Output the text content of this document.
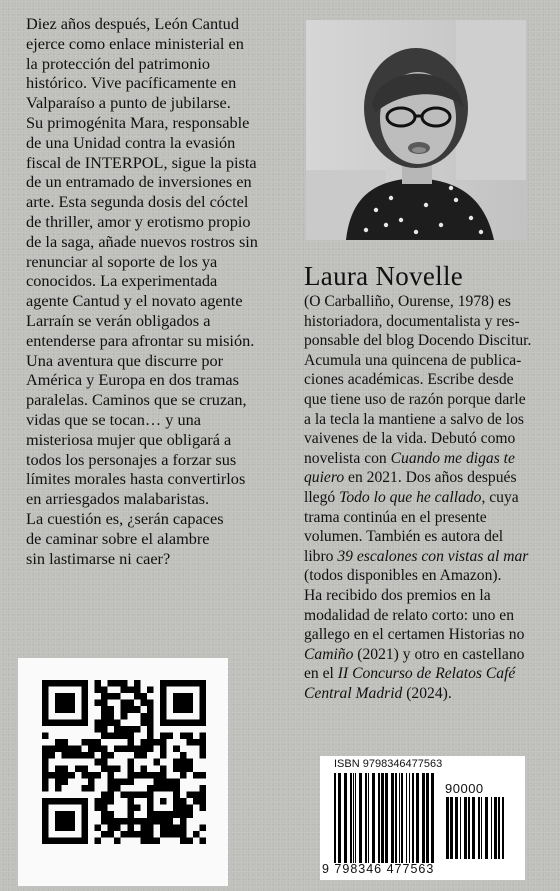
Diez años después, León Cantud
ejerce como enlace ministerial en
la protección del patrimonio
histórico. Vive pacíficamente en
Valparaíso a punto de jubilarse.
Su primogénita Mara, responsable
de una Unidad contra la evasión
fiscal de INTERPOL, sigue la pista
de un entramado de inversiones en
arte. Esta segunda dosis del cóctel
de thriller, amor y erotismo propio
de la saga, añade nuevos rostros sin
renunciar al soporte de los ya
conocidos. La experimentada
agente Cantud y el novato agente
Larraín se verán obligados a
entenderse para afrontar su misión.
Una aventura que discurre por
América y Europa en dos tramas
paralelas. Caminos que se cruzan,
vidas que se tocan… y una
misteriosa mujer que obligará a
todos los personajes a forzar sus
límites morales hasta convertirlos
en arriesgados malabaristas.
La cuestión es, ¿serán capaces
de caminar sobre el alambre
sin lastimarse ni caer?

Laura Novelle
(O Carballiño, Ourense, 1978) es
historiadora, documentalista y res-
ponsable del blog Docendo Discitur.
Acumula una quincena de publica-
ciones académicas. Escribe desde
que tiene uso de razón porque darle
a la tecla la mantiene a salvo de los
vaivenes de la vida. Debutó como
novelista con Cuando me digas te
quiero en 2021. Dos años después
llegó Todo lo que he callado, cuya
trama continúa en el presente
volumen. También es autora del
libro 39 escalones con vistas al mar
(todos disponibles en Amazon).
Ha recibido dos premios en la
modalidad de relato corto: uno en
gallego en el certamen Historias no
Camiño (2021) y otro en castellano
en el II Concurso de Relatos Café
Central Madrid (2024).
ISBN 9798346477563
90000
9 798346 477563
